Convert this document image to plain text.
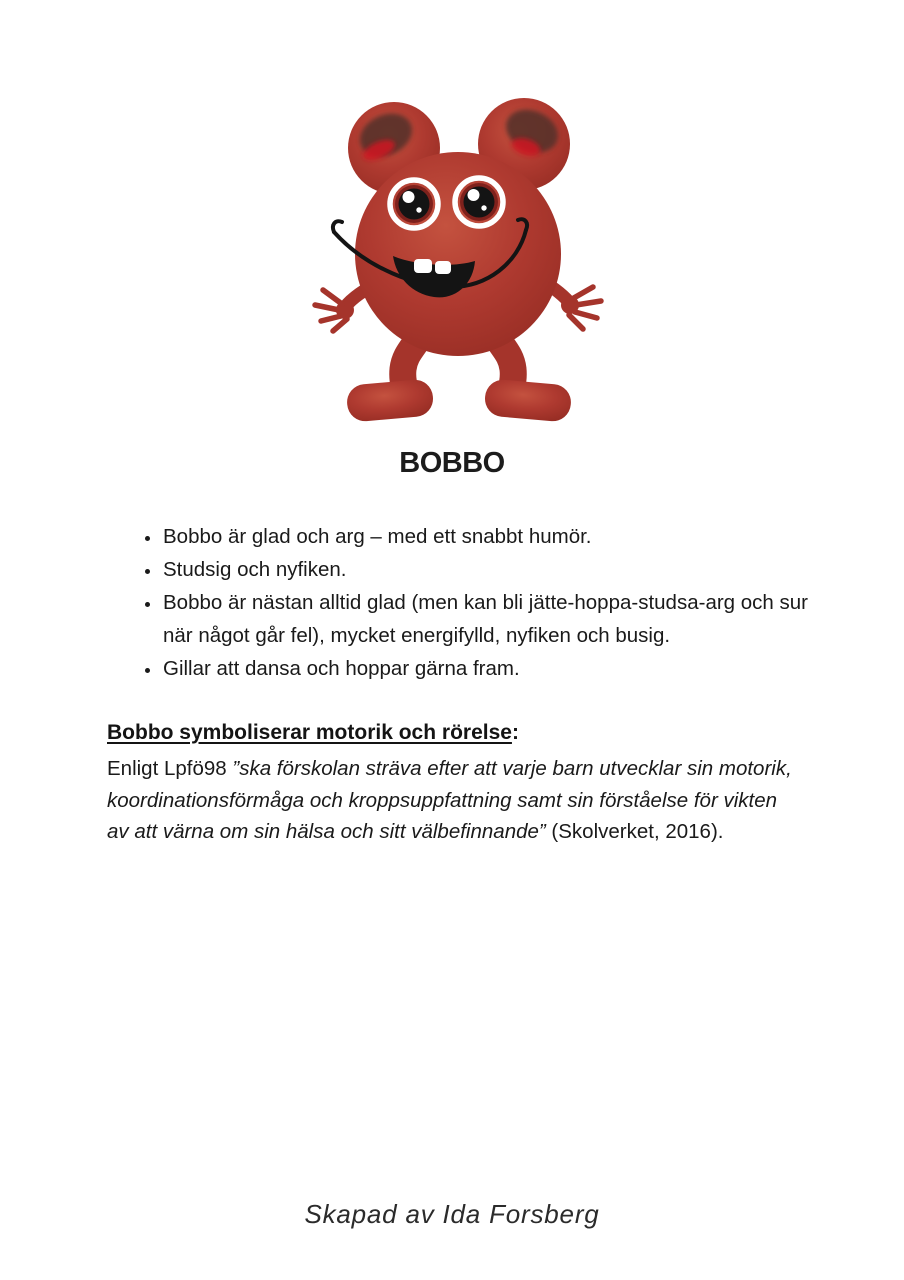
BOBBO
• Bobbo är glad och arg – med ett snabbt humör.
• Studsig och nyfiken.
• Bobbo är nästan alltid glad (men kan bli jätte-hoppa-studsa-arg och sur när något går fel), mycket energifylld, nyfiken och busig.
• Gillar att dansa och hoppar gärna fram.
Bobbo symboliserar motorik och rörelse:
Enligt Lpfö98 ”ska förskolan sträva efter att varje barn utvecklar sin motorik, koordinationsförmåga och kroppsuppfattning samt sin förståelse för vikten av att värna om sin hälsa och sitt välbefinnande” (Skolverket, 2016).
Skapad av Ida Forsberg
